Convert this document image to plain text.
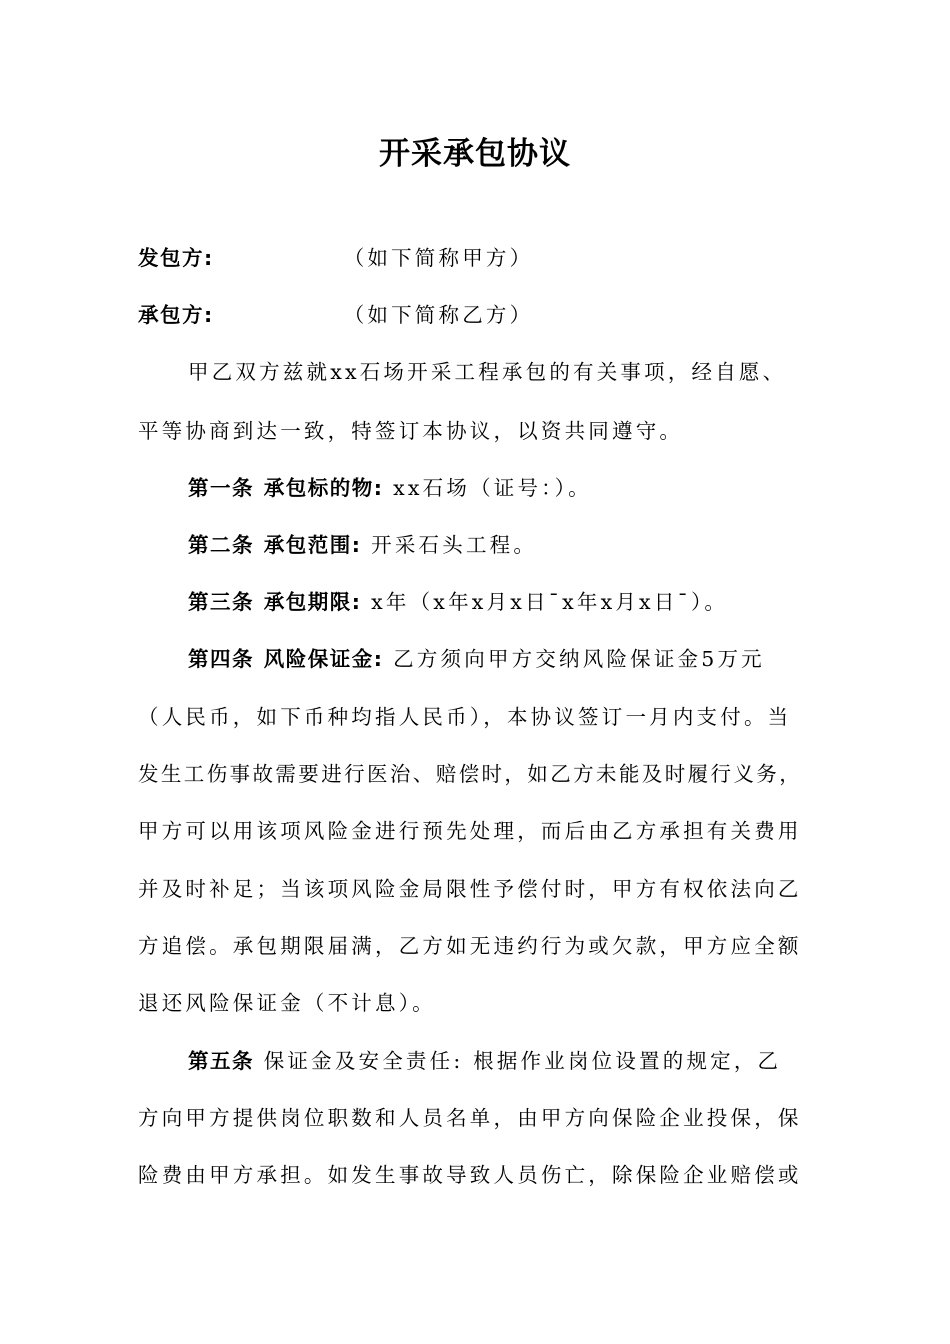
开采承包协议
发包方:	（如下简称甲方）
承包方:	（如下简称乙方）
甲乙双方兹就xx石场开采工程承包的有关事项，经自愿、
平等协商到达一致，特签订本协议，以资共同遵守。
第一条 承包标的物: xx石场（证号：）。
第二条 承包范围: 开采石头工程。
第三条 承包期限: x年（x年x月x日¯x年x月x日¯）。
第四条 风险保证金: 乙方须向甲方交纳风险保证金5万元
（人民币，如下币种均指人民币），本协议签订一月内支付。当
发生工伤事故需要进行医治、赔偿时，如乙方未能及时履行义务，
甲方可以用该项风险金进行预先处理，而后由乙方承担有关费用
并及时补足；当该项风险金局限性予偿付时，甲方有权依法向乙
方追偿。承包期限届满，乙方如无违约行为或欠款，甲方应全额
退还风险保证金（不计息）。
第五条 保证金及安全责任: 根据作业岗位设置的规定，乙
方向甲方提供岗位职数和人员名单，由甲方向保险企业投保，保
险费由甲方承担。如发生事故导致人员伤亡，除保险企业赔偿或
